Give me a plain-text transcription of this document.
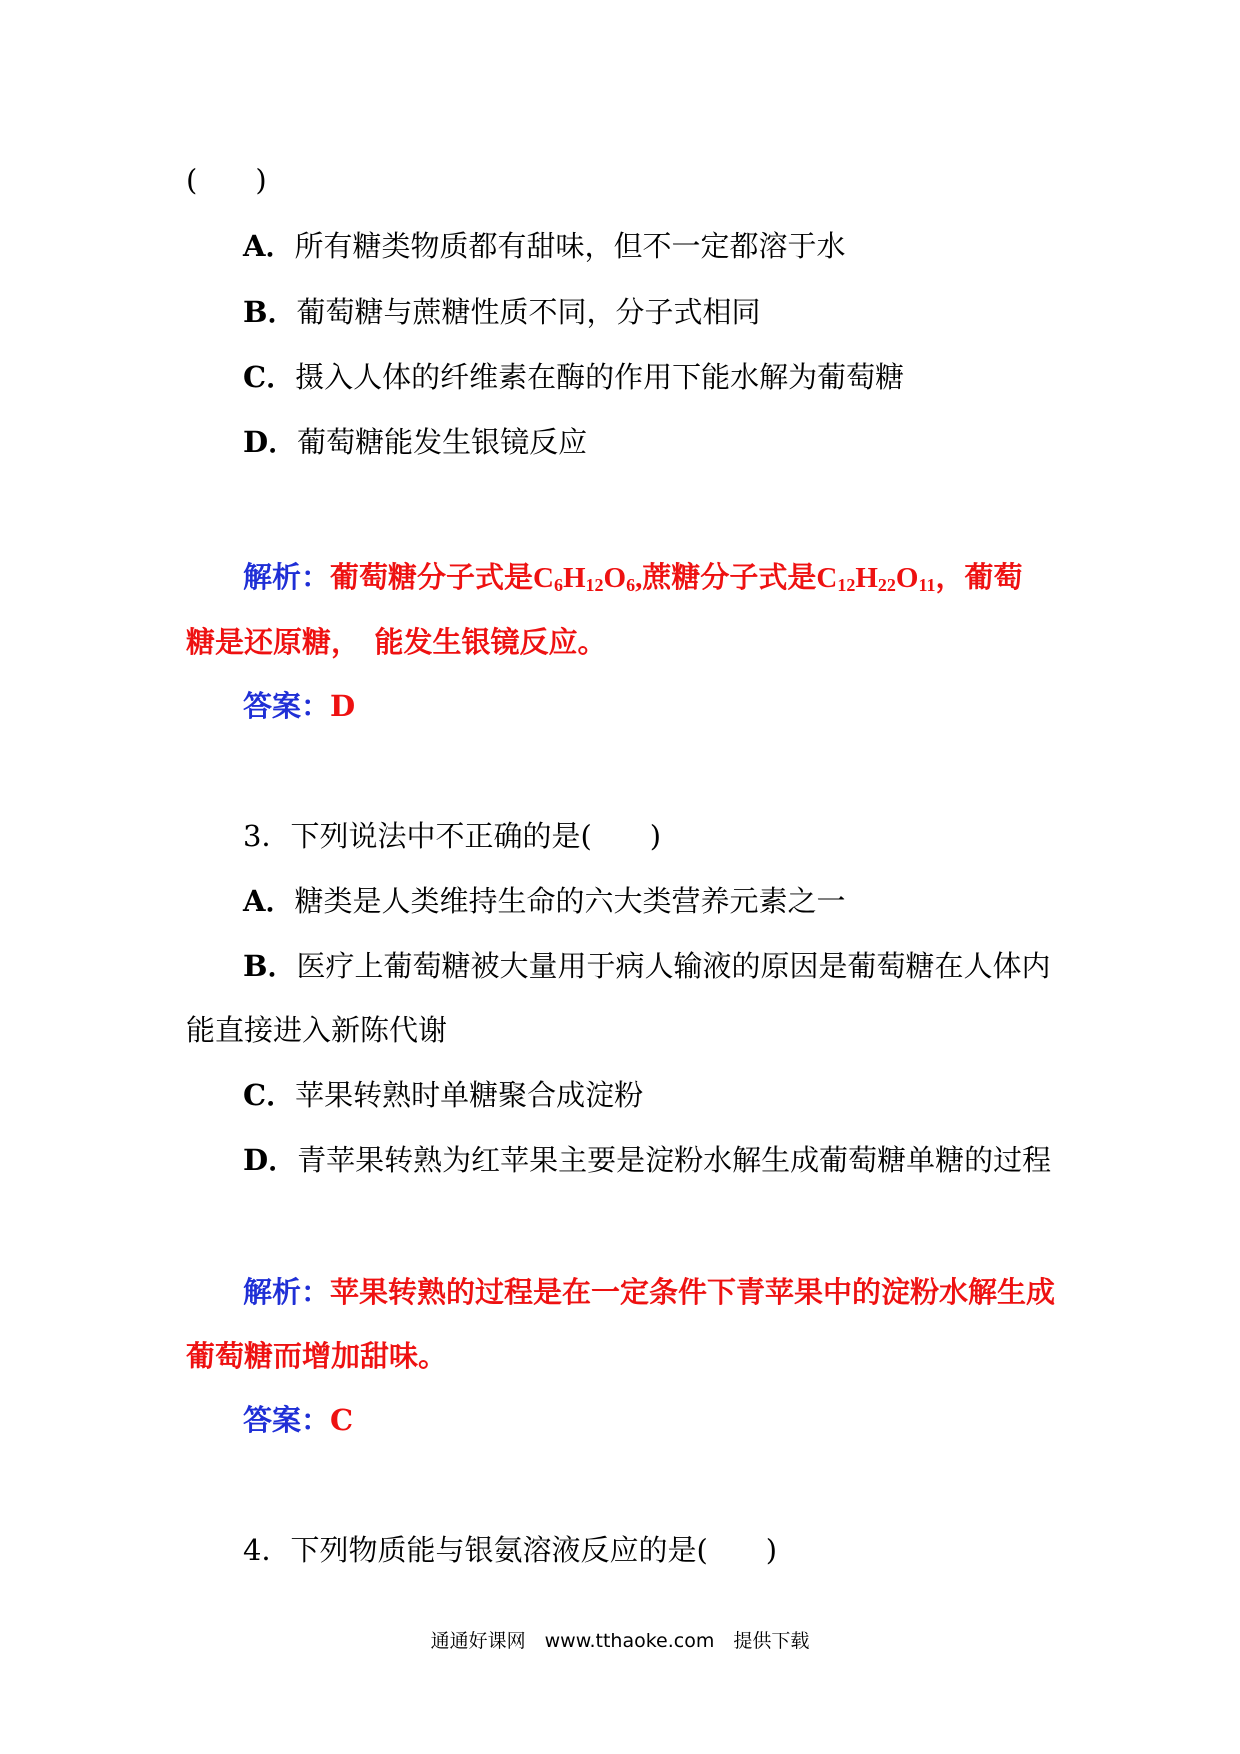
(　　)
A．所有糖类物质都有甜味，但不一定都溶于水
B．葡萄糖与蔗糖性质不同，分子式相同
C．摄入人体的纤维素在酶的作用下能水解为葡萄糖
D．葡萄糖能发生银镜反应
解析：葡萄糖分子式是$C_6H_{12}O_6$,蔗糖分子式是$C_{12}H_{22}O_{11}$，葡萄
糖是还原糖，　能发生银镜反应。
答案：D
3．下列说法中不正确的是(　　)
A．糖类是人类维持生命的六大类营养元素之一
B．医疗上葡萄糖被大量用于病人输液的原因是葡萄糖在人体内
能直接进入新陈代谢
C．苹果转熟时单糖聚合成淀粉
D．青苹果转熟为红苹果主要是淀粉水解生成葡萄糖单糖的过程
解析：苹果转熟的过程是在一定条件下青苹果中的淀粉水解生成
葡萄糖而增加甜味。
答案：C
4．下列物质能与银氨溶液反应的是(　　)
通通好课网　www.tthaoke.com　提供下载
